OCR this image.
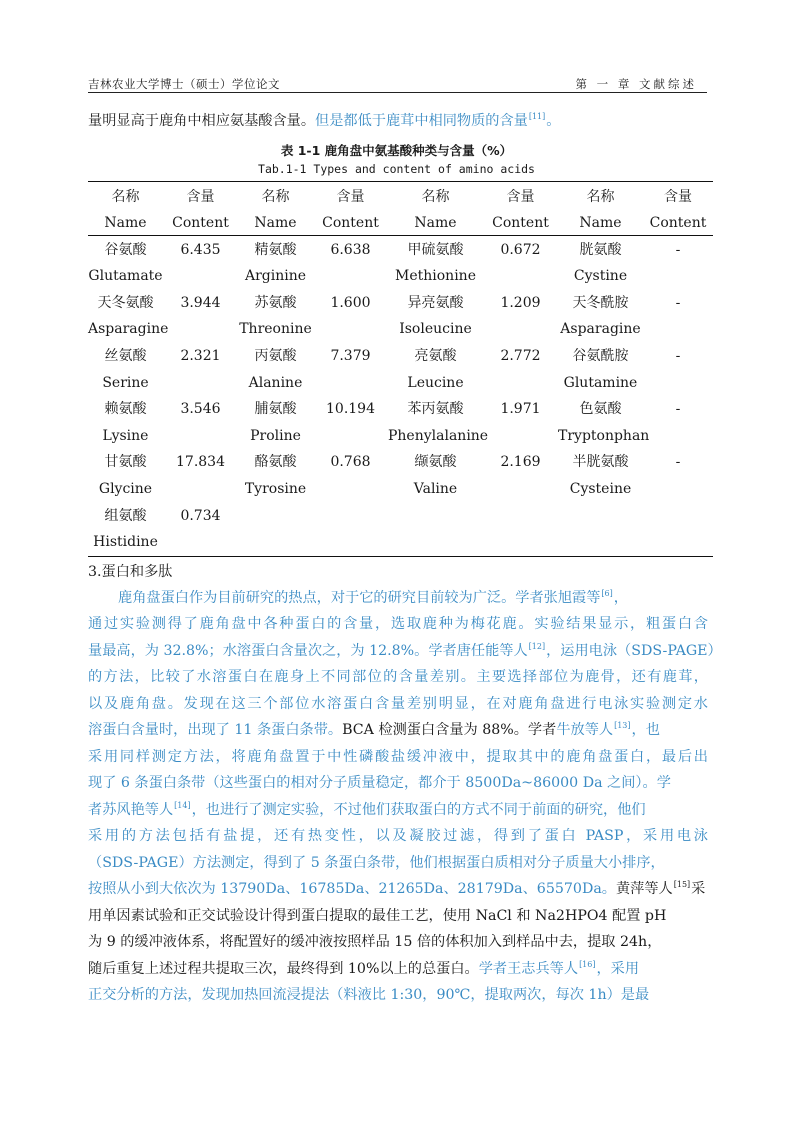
吉林农业大学博士（硕士）学位论文	第 一 章 文献综述
量明显高于鹿角中相应氨基酸含量。但是都低于鹿茸中相同物质的含量[11]。
表 1-1 鹿角盘中氨基酸种类与含量（%）
Tab.1-1 Types and content of amino acids
名称	含量	名称	含量	名称	含量	名称	含量
Name	Content	Name	Content	Name	Content	Name	Content
谷氨酸	6.435	精氨酸	6.638	甲硫氨酸	0.672	胱氨酸	-
Glutamate		Arginine		Methionine		Cystine	
天冬氨酸	3.944	苏氨酸	1.600	异亮氨酸	1.209	天冬酰胺	-
Asparagine		Threonine		Isoleucine		Asparagine	
丝氨酸	2.321	丙氨酸	7.379	亮氨酸	2.772	谷氨酰胺	-
Serine		Alanine		Leucine		Glutamine	
赖氨酸	3.546	脯氨酸	10.194	苯丙氨酸	1.971	色氨酸	-
Lysine		Proline		Phenylalanine		Tryptonphan	
甘氨酸	17.834	酪氨酸	0.768	缬氨酸	2.169	半胱氨酸	-
Glycine		Tyrosine		Valine		Cysteine	
组氨酸	0.734						
Histidine							
3.蛋白和多肽
鹿角盘蛋白作为目前研究的热点，对于它的研究目前较为广泛。学者张旭霞等[6]，
通过实验测得了鹿角盘中各种蛋白的含量，选取鹿种为梅花鹿。实验结果显示，粗蛋白含
量最高，为 32.8%；水溶蛋白含量次之，为 12.8%。学者唐任能等人[12]，运用电泳（SDS-PAGE）
的方法，比较了水溶蛋白在鹿身上不同部位的含量差别。主要选择部位为鹿骨，还有鹿茸，
以及鹿角盘。发现在这三个部位水溶蛋白含量差别明显，在对鹿角盘进行电泳实验测定水
溶蛋白含量时，出现了 11 条蛋白条带。BCA 检测蛋白含量为 88%。学者牛放等人[13]，也
采用同样测定方法，将鹿角盘置于中性磷酸盐缓冲液中，提取其中的鹿角盘蛋白，最后出
现了 6 条蛋白条带（这些蛋白的相对分子质量稳定，都介于 8500Da~86000 Da 之间）。学
者苏风艳等人[14]，也进行了测定实验，不过他们获取蛋白的方式不同于前面的研究，他们
采用的方法包括有盐提，还有热变性，以及凝胶过滤，得到了蛋白 PASP，采用电泳
（SDS-PAGE）方法测定，得到了 5 条蛋白条带，他们根据蛋白质相对分子质量大小排序，
按照从小到大依次为 13790Da、16785Da、21265Da、28179Da、65570Da。黄萍等人[15]采
用单因素试验和正交试验设计得到蛋白提取的最佳工艺，使用 NaCl 和 Na2HPO4 配置 pH
为 9 的缓冲液体系，将配置好的缓冲液按照样品 15 倍的体积加入到样品中去，提取 24h，
随后重复上述过程共提取三次，最终得到 10%以上的总蛋白。学者王志兵等人[16]，采用
正交分析的方法，发现加热回流浸提法（料液比 1:30，90℃，提取两次，每次 1h）是最
